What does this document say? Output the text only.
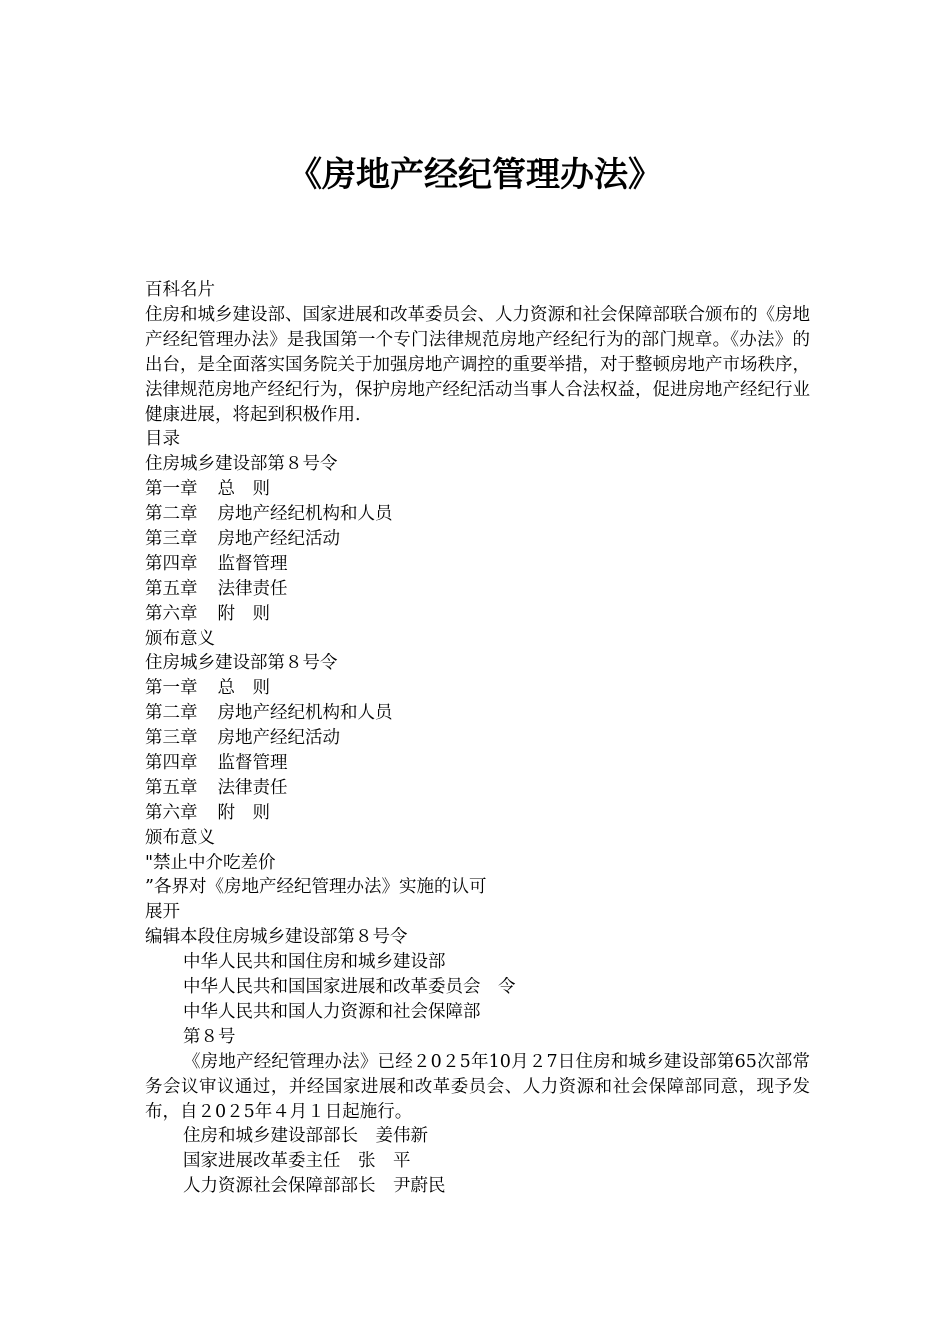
《房地产经纪管理办法》
百科名片
住房和城乡建设部、国家进展和改革委员会、人力资源和社会保障部联合颁布的《房地产经纪管理办法》是我国第一个专门法律规范房地产经纪行为的部门规章。《办法》的出台，是全面落实国务院关于加强房地产调控的重要举措，对于整顿房地产市场秩序，法律规范房地产经纪行为，保护房地产经纪活动当事人合法权益，促进房地产经纪行业健康进展，将起到积极作用.
目录
住房城乡建设部第８号令
第一章 总　则
第二章 房地产经纪机构和人员
第三章 房地产经纪活动
第四章 监督管理
第五章 法律责任
第六章 附　则
颁布意义
住房城乡建设部第８号令
第一章 总　则
第二章 房地产经纪机构和人员
第三章 房地产经纪活动
第四章 监督管理
第五章 法律责任
第六章 附　则
颁布意义
"禁止中介吃差价
”各界对《房地产经纪管理办法》实施的认可
展开
编辑本段住房城乡建设部第８号令
中华人民共和国住房和城乡建设部
中华人民共和国国家进展和改革委员会　令
中华人民共和国人力资源和社会保障部
第８号
《房地产经纪管理办法》已经２0２5年10月２7日住房和城乡建设部第65次部常务会议审议通过，并经国家进展和改革委员会、人力资源和社会保障部同意，现予发布，自２0２5年４月１日起施行。
住房和城乡建设部部长　姜伟新
国家进展改革委主任　张　平
人力资源社会保障部部长　尹蔚民
